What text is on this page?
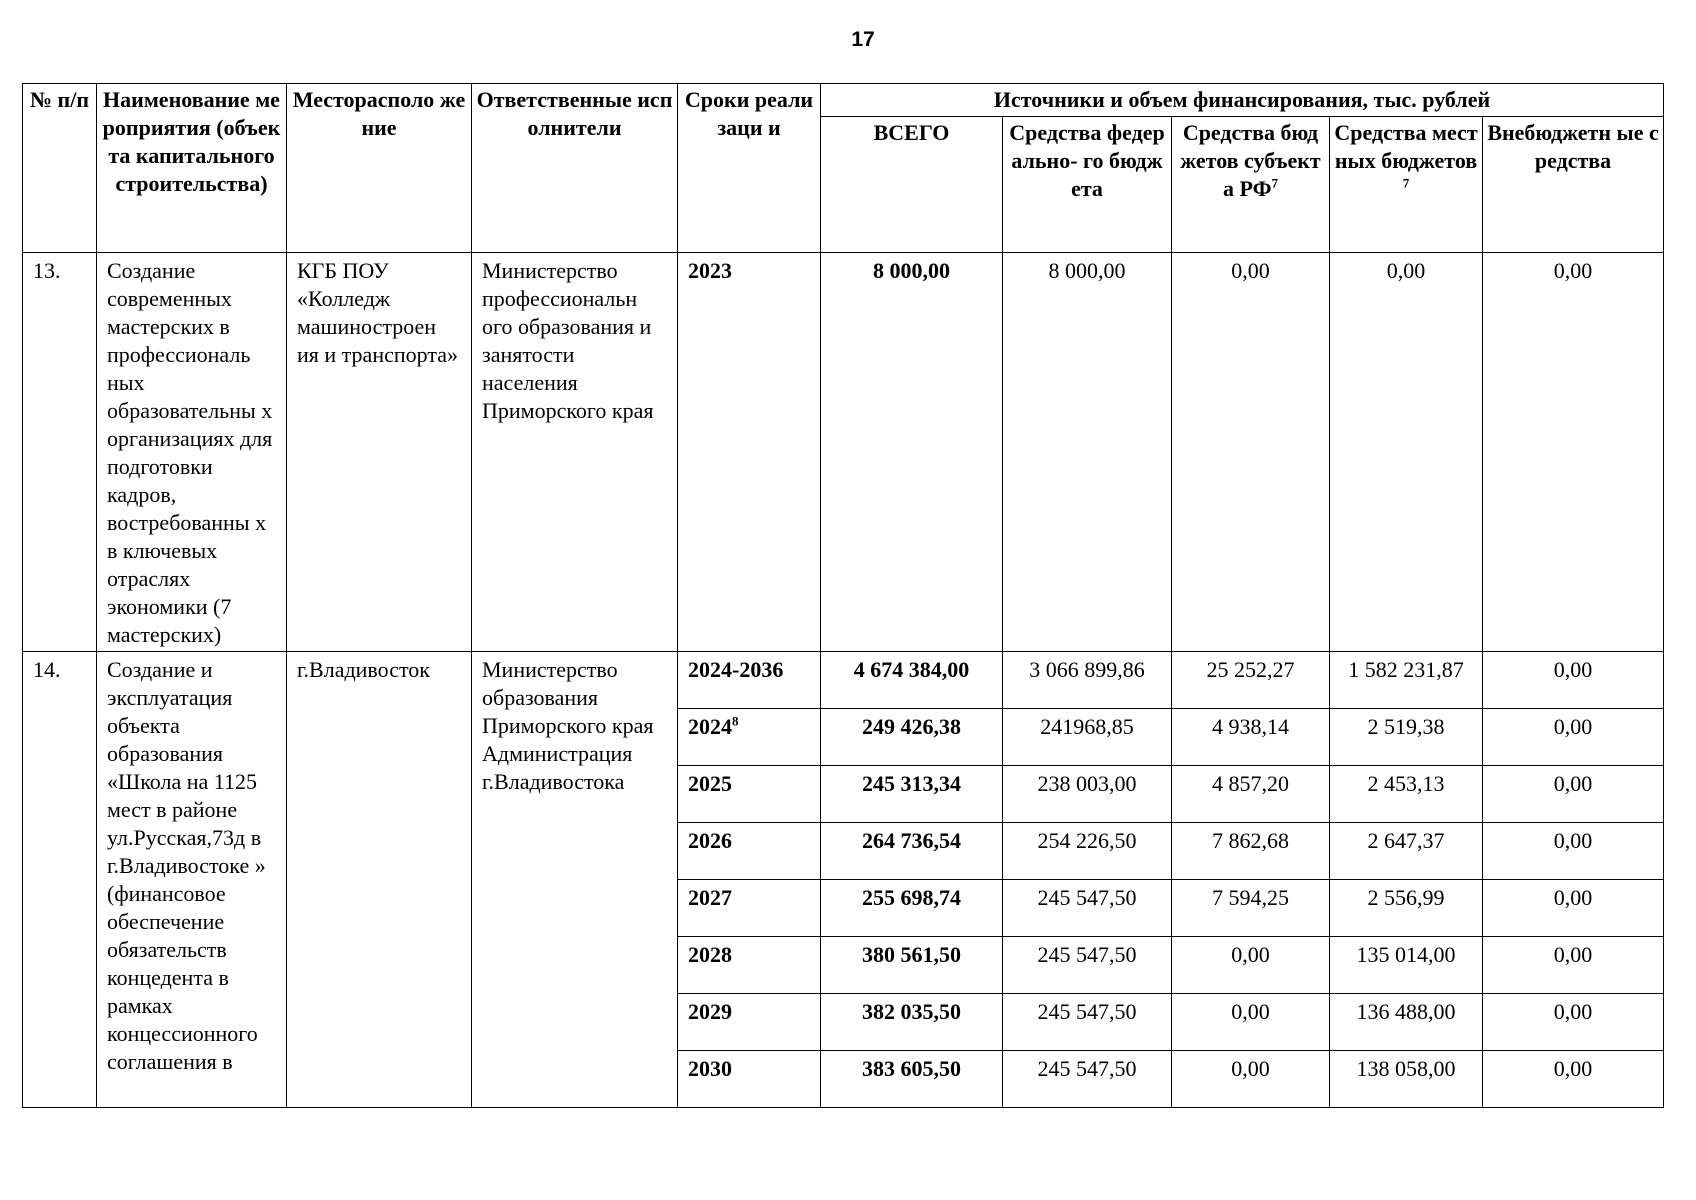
17
№ п/п	Наименование мероприятия (объекта капитального строительства)	Месторасполо жение	Ответственные исполнители	Сроки реализаци и	Источники и объем финансирования, тыс. рублей				
					ВСЕГО	Средства федерально- го бюджета	Средства бюджетов субъекта $РФ^7$	Средства местных бюджетов$^7$	Внебюджетн ые средства
13.	Создание современных мастерских в профессиональ ных образовательны х организациях для подготовки кадров, востребованны х в ключевых отраслях экономики (7 мастерских)	КГБ ПОУ «Колледж машиностроен ия и транспорта»	Министерство профессиональн ого образования и занятости населения Приморского края	2023	8 000,00	8 000,00	0,00	0,00	0,00
14.	Создание и эксплуатация объекта образования «Школа на 1125 мест в районе ул.Русская,73д в г.Владивостоке » (финансовое обеспечение обязательств концедента в рамках концессионного соглашения в	г.Владивосток	Министерство образования Приморского края Администрация г.Владивостока	2024-2036	4 674 384,00	3 066 899,86	25 252,27	1 582 231,87	0,00
				2024$^8$	249 426,38	241968,85	4 938,14	2 519,38	0,00
				2025	245 313,34	238 003,00	4 857,20	2 453,13	0,00
				2026	264 736,54	254 226,50	7 862,68	2 647,37	0,00
				2027	255 698,74	245 547,50	7 594,25	2 556,99	0,00
				2028	380 561,50	245 547,50	0,00	135 014,00	0,00
				2029	382 035,50	245 547,50	0,00	136 488,00	0,00
				2030	383 605,50	245 547,50	0,00	138 058,00	0,00
